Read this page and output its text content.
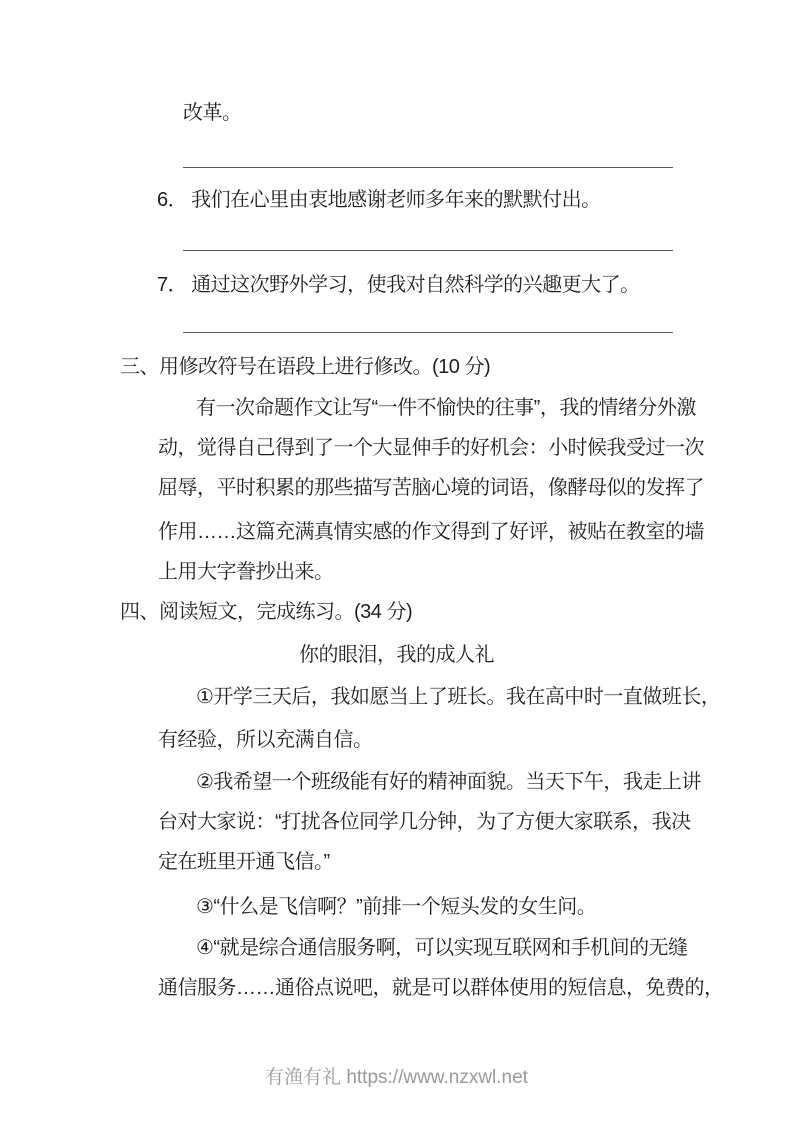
改革。
6． 我们在心里由衷地感谢老师多年来的默默付出。
7． 通过这次野外学习，使我对自然科学的兴趣更大了。
三、用修改符号在语段上进行修改。(10 分)
有一次命题作文让写“一件不愉快的往事”，我的情绪分外激
动，觉得自己得到了一个大显伸手的好机会：小时候我受过一次
屈辱，平时积累的那些描写苦脑心境的词语，像酵母似的发挥了
作用……这篇充满真情实感的作文得到了好评，被贴在教室的墙
上用大字誊抄出来。
四、阅读短文，完成练习。(34 分)
你的眼泪，我的成人礼
①开学三天后，我如愿当上了班长。我在高中时一直做班长，
有经验，所以充满自信。
②我希望一个班级能有好的精神面貌。当天下午，我走上讲
台对大家说：“打扰各位同学几分钟，为了方便大家联系，我决
定在班里开通飞信。”
③“什么是飞信啊？”前排一个短头发的女生问。
④“就是综合通信服务啊，可以实现互联网和手机间的无缝
通信服务……通俗点说吧，就是可以群体使用的短信息，免费的，
有渔有礼 https://www.nzxwl.net
